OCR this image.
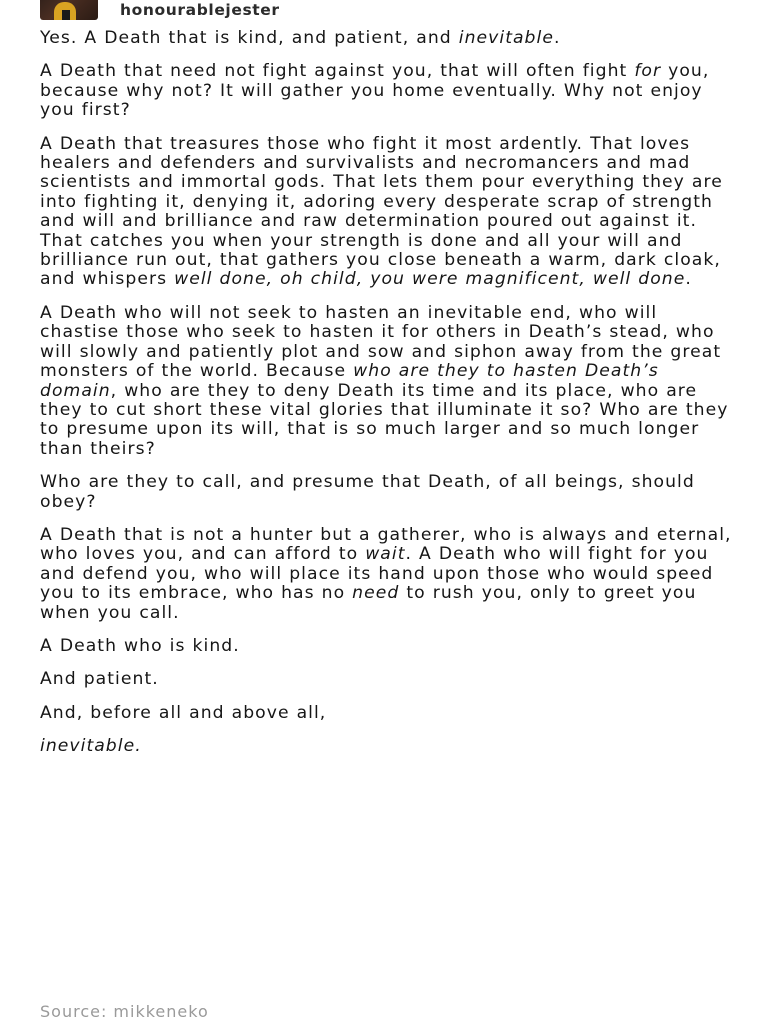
honourablejester

Yes. A Death that is kind, and patient, and inevitable.

A Death that need not fight against you, that will often fight for you, because why not? It will gather you home eventually. Why not enjoy you first?

A Death that treasures those who fight it most ardently. That loves healers and defenders and survivalists and necromancers and mad scientists and immortal gods. That lets them pour everything they are into fighting it, denying it, adoring every desperate scrap of strength and will and brilliance and raw determination poured out against it. That catches you when your strength is done and all your will and brilliance run out, that gathers you close beneath a warm, dark cloak, and whispers well done, oh child, you were magnificent, well done.

A Death who will not seek to hasten an inevitable end, who will chastise those who seek to hasten it for others in Death’s stead, who will slowly and patiently plot and sow and siphon away from the great monsters of the world. Because who are they to hasten Death’s domain, who are they to deny Death its time and its place, who are they to cut short these vital glories that illuminate it so? Who are they to presume upon its will, that is so much larger and so much longer than theirs?

Who are they to call, and presume that Death, of all beings, should obey?

A Death that is not a hunter but a gatherer, who is always and eternal, who loves you, and can afford to wait. A Death who will fight for you and defend you, who will place its hand upon those who would speed you to its embrace, who has no need to rush you, only to greet you when you call.

A Death who is kind.

And patient.

And, before all and above all,

inevitable.

Source: mikkeneko
